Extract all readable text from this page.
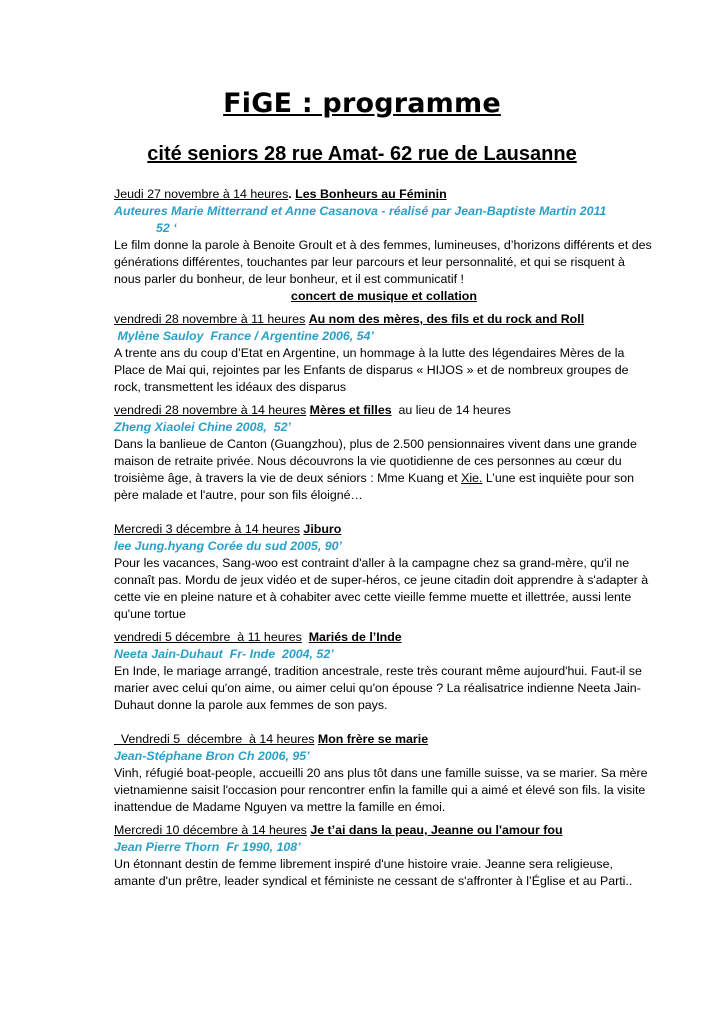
FiGE : programme
cité seniors 28 rue Amat- 62 rue de Lausanne
Jeudi 27 novembre à 14 heures. Les Bonheurs au Féminin
Auteures Marie Mitterrand et Anne Casanova - réalisé par Jean-Baptiste Martin 2011
52 ‘

Le film donne la parole à Benoite Groult et à des femmes, lumineuses, d’horizons différents et des générations différentes, touchantes par leur parcours et leur personnalité, et qui se risquent à nous parler du bonheur, de leur bonheur, et il est communicatif !

concert de musique et collation
vendredi 28 novembre à 11 heures Au nom des mères, des fils et du rock and Roll
Mylène Sauloy  France / Argentine 2006, 54’

A trente ans du coup d’Etat en Argentine, un hommage à la lutte des légendaires Mères de la Place de Mai qui, rejointes par les Enfants de disparus « HIJOS » et de nombreux groupes de rock, transmettent les idéaux des disparus

vendredi 28 novembre à 14 heures Mères et filles  au lieu de 14 heures
Zheng Xiaolei Chine 2008,  52’

Dans la banlieue de Canton (Guangzhou), plus de 2.500 pensionnaires vivent dans une grande maison de retraite privée. Nous découvrons la vie quotidienne de ces personnes au cœur du troisième âge, à travers la vie de deux séniors : Mme Kuang et Xie. L’une est inquiète pour son père malade et l'autre, pour son fils éloigné…

Mercredi 3 décembre à 14 heures Jiburo
lee Jung.hyang Corée du sud 2005, 90’

Pour les vacances, Sang-woo est contraint d'aller à la campagne chez sa grand-mère, qu'il ne connaît pas. Mordu de jeux vidéo et de super-héros, ce jeune citadin doit apprendre à s'adapter à cette vie en pleine nature et à cohabiter avec cette vieille femme muette et illettrée, aussi lente qu'une tortue

vendredi 5 décembre  à 11 heures Mariés de l’Inde
Neeta Jain-Duhaut  Fr- Inde  2004, 52’

En Inde, le mariage arrangé, tradition ancestrale, reste très courant même aujourd'hui. Faut-il se marier avec celui qu'on aime, ou aimer celui qu'on épouse ? La réalisatrice indienne Neeta Jain-Duhaut donne la parole aux femmes de son pays.

Vendredi 5  décembre  à 14 heures Mon frère se marie
Jean-Stéphane Bron Ch 2006, 95’

Vinh, réfugié boat-people, accueilli 20 ans plus tôt dans une famille suisse, va se marier. Sa mère vietnamienne saisit l'occasion pour rencontrer enfin la famille qui a aimé et élevé son fils. la visite inattendue de Madame Nguyen va mettre la famille en émoi.

Mercredi 10 décembre à 14 heures Je t’ai dans la peau, Jeanne ou l'amour fou
Jean Pierre Thorn  Fr 1990, 108’

Un étonnant destin de femme librement inspiré d'une histoire vraie. Jeanne sera religieuse, amante d'un prêtre, leader syndical et féministe ne cessant de s'affronter à l’Église et au Parti..
